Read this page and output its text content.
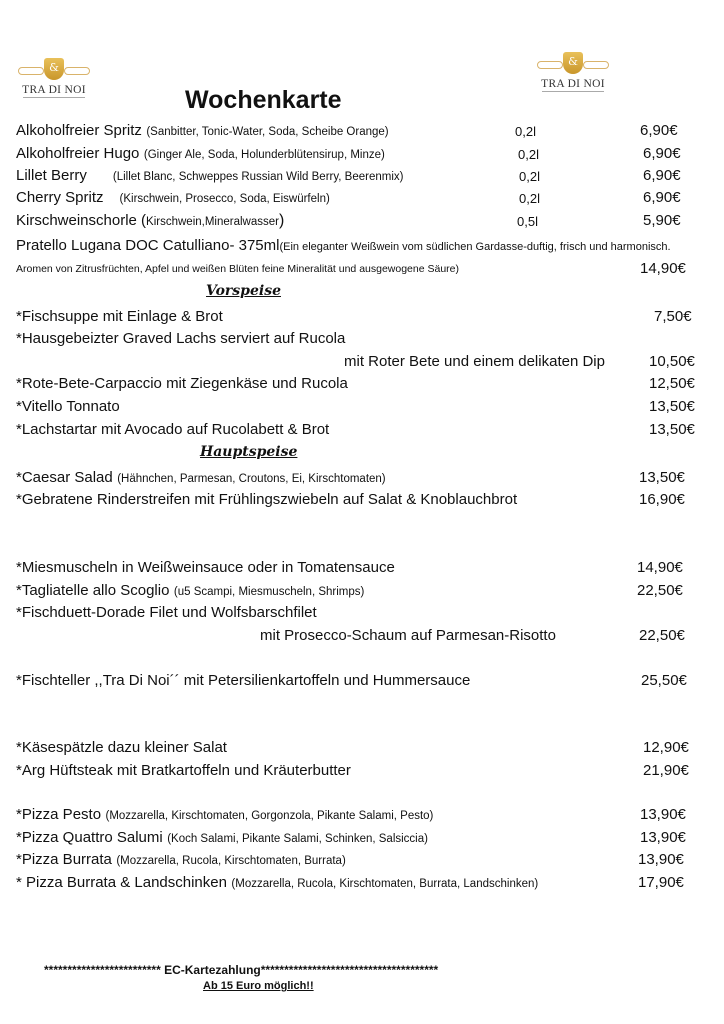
&
TRA DI NOI
&
TRA DI NOI
Wochenkarte
Alkoholfreier Spritz (Sanbitter, Tonic-Water, Soda, Scheibe Orange)	0,2l	6,90€
Alkoholfreier Hugo (Ginger Ale, Soda, Holunderblütensirup, Minze)	0,2l	6,90€
Lillet Berry (Lillet Blanc, Schweppes Russian Wild Berry, Beerenmix)	0,2l	6,90€
Cherry Spritz (Kirschwein, Prosecco, Soda, Eiswürfeln)	0,2l	6,90€
Kirschweinschorle (Kirschwein,Mineralwasser)	0,5l	5,90€
Pratello Lugana DOC Catulliano- 375ml(Ein eleganter Weißwein vom südlichen Gardasse-duftig, frisch und harmonisch.
Aromen von Zitrusfrüchten, Apfel und weißen Blüten feine Mineralität und ausgewogene Säure)	14,90€
Vorspeise
*Fischsuppe mit Einlage & Brot	7,50€
*Hausgebeizter Graved Lachs serviert auf Rucola
mit Roter Bete und einem delikaten Dip	10,50€
*Rote-Bete-Carpaccio mit Ziegenkäse und Rucola	12,50€
*Vitello Tonnato	13,50€
*Lachstartar mit Avocado auf Rucolabett & Brot	13,50€
Hauptspeise
*Caesar Salad (Hähnchen, Parmesan, Croutons, Ei, Kirschtomaten)	13,50€
*Gebratene Rinderstreifen mit Frühlingszwiebeln auf Salat & Knoblauchbrot	16,90€
*Miesmuscheln in Weißweinsauce oder in Tomatensauce	14,90€
*Tagliatelle allo Scoglio (u5 Scampi, Miesmuscheln, Shrimps)	22,50€
*Fischduett-Dorade Filet und Wolfsbarschfilet
mit Prosecco-Schaum auf Parmesan-Risotto	22,50€
*Fischteller ,,Tra Di Noi´´ mit Petersilienkartoffeln und Hummersauce	25,50€
*Käsespätzle dazu kleiner Salat	12,90€
*Arg Hüftsteak mit Bratkartoffeln und Kräuterbutter	21,90€
*Pizza Pesto (Mozzarella, Kirschtomaten, Gorgonzola, Pikante Salami, Pesto)	13,90€
*Pizza Quattro Salumi (Koch Salami, Pikante Salami, Schinken, Salsiccia)	13,90€
*Pizza Burrata (Mozzarella, Rucola, Kirschtomaten, Burrata)	13,90€
* Pizza Burrata & Landschinken (Mozzarella, Rucola, Kirschtomaten, Burrata, Landschinken)	17,90€
************************* EC-Kartezahlung**************************************
Ab 15 Euro möglich!!
